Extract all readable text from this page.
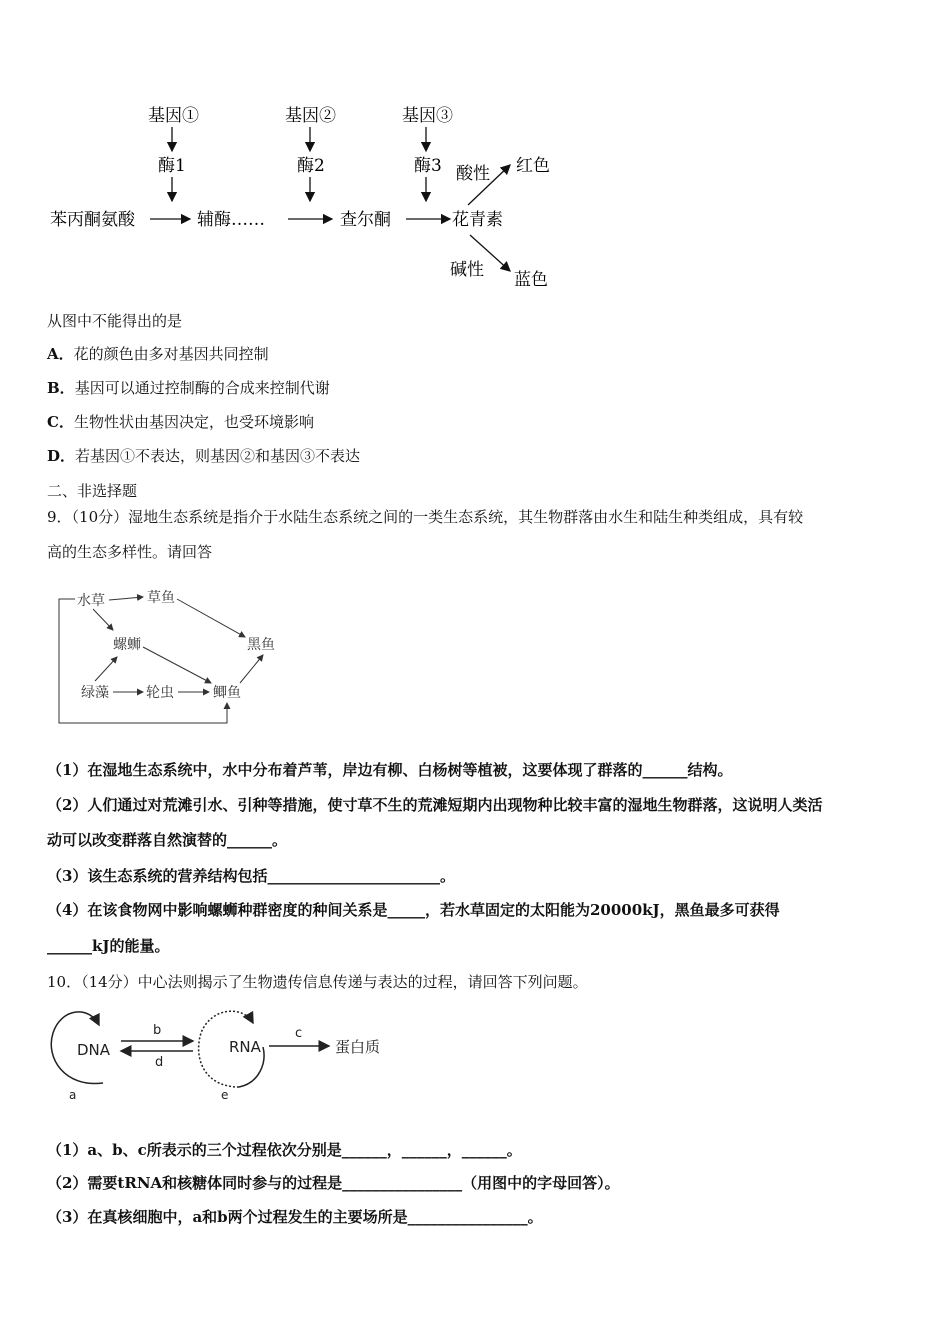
基因①	基因②	基因③
酶1	酶2	酶3
苯丙酮氨酸	辅酶……	查尔酮	花青素
酸性 红色
碱性 蓝色
从图中不能得出的是
A．花的颜色由多对基因共同控制
B．基因可以通过控制酶的合成来控制代谢
C．生物性状由基因决定，也受环境影响
D．若基因①不表达，则基因②和基因③不表达
二、非选择题
9．（10分）湿地生态系统是指介于水陆生态系统之间的一类生态系统，其生物群落由水生和陆生种类组成，具有较
高的生态多样性。请回答
水草	草鱼
螺蛳	黑鱼
绿藻	轮虫	鲫鱼
（1）在湿地生态系统中，水中分布着芦苇，岸边有柳、白杨树等植被，这要体现了群落的______结构。
（2）人们通过对荒滩引水、引种等措施，使寸草不生的荒滩短期内出现物种比较丰富的湿地生物群落，这说明人类活
动可以改变群落自然演替的______。
（3）该生态系统的营养结构包括_______________________。
（4）在该食物网中影响螺蛳种群密度的种间关系是_____，若水草固定的太阳能为20000kJ，黑鱼最多可获得
______kJ的能量。
10．（14分）中心法则揭示了生物遗传信息传递与表达的过程，请回答下列问题。
DNA
a
b
d
RNA
e
c
蛋白质
（1）a、b、c所表示的三个过程依次分别是______，______，______。
（2）需要tRNA和核糖体同时参与的过程是________________（用图中的字母回答）。
（3）在真核细胞中，a和b两个过程发生的主要场所是________________。
